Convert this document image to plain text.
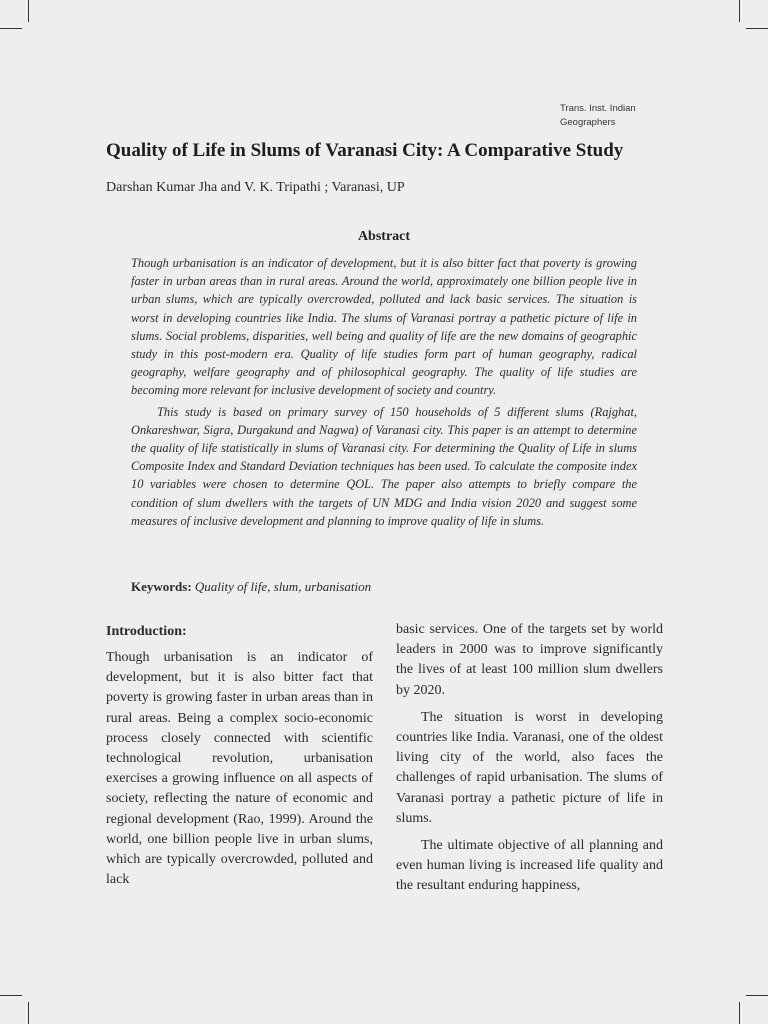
Trans. Inst. Indian
Geographers
Quality of Life in Slums of Varanasi City: A Comparative Study
Darshan Kumar Jha and V. K. Tripathi ; Varanasi, UP
Abstract

Though urbanisation is an indicator of development, but it is also bitter fact that poverty is growing faster in urban areas than in rural areas. Around the world, approximately one billion people live in urban slums, which are typically overcrowded, polluted and lack basic services. The situation is worst in developing countries like India. The slums of Varanasi portray a pathetic picture of life in slums. Social problems, disparities, well being and quality of life are the new domains of geographic study in this post-modern era. Quality of life studies form part of human geography, radical geography, welfare geography and of philosophical geography. The quality of life studies are becoming more relevant for inclusive development of society and country.

This study is based on primary survey of 150 households of 5 different slums (Rajghat, Onkareshwar, Sigra, Durgakund and Nagwa) of Varanasi city. This paper is an attempt to determine the quality of life statistically in slums of Varanasi city. For determining the Quality of Life in slums Composite Index and Standard Deviation techniques has been used. To calculate the composite index 10 variables were chosen to determine QOL. The paper also attempts to briefly compare the condition of slum dwellers with the targets of UN MDG and India vision 2020 and suggest some measures of inclusive development and planning to improve quality of life in slums.

Keywords: Quality of life, slum, urbanisation
Introduction:

Though urbanisation is an indicator of development, but it is also bitter fact that poverty is growing faster in urban areas than in rural areas. Being a complex socio-economic process closely connected with scientific technological revolution, urbanisation exercises a growing influence on all aspects of society, reflecting the nature of economic and regional development (Rao, 1999). Around the world, one billion people live in urban slums, which are typically overcrowded, polluted and lack

basic services. One of the targets set by world leaders in 2000 was to improve significantly the lives of at least 100 million slum dwellers by 2020.

The situation is worst in developing countries like India. Varanasi, one of the oldest living city of the world, also faces the challenges of rapid urbanisation. The slums of Varanasi portray a pathetic picture of life in slums.

The ultimate objective of all planning and even human living is increased life quality and the resultant enduring happiness,
